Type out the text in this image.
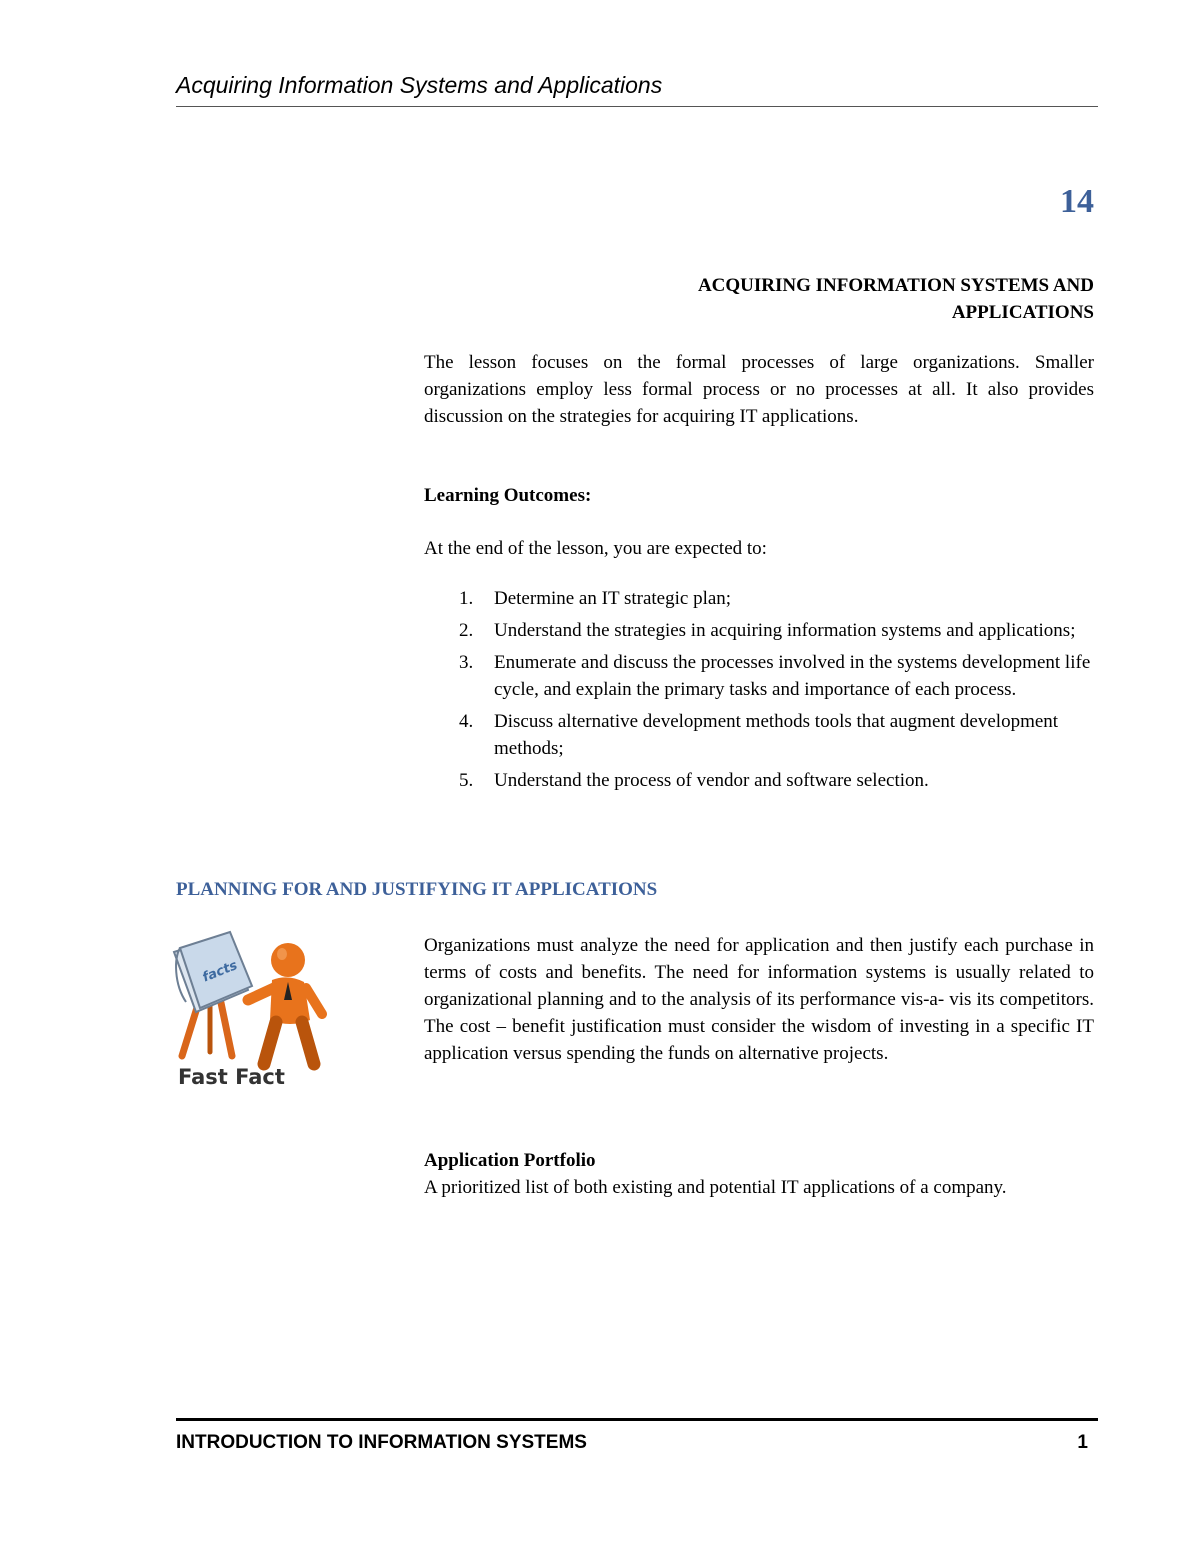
Acquiring Information Systems and Applications

14

ACQUIRING INFORMATION SYSTEMS AND
APPLICATIONS

The lesson focuses on the formal processes of large organizations. Smaller organizations employ less formal process or no processes at all. It also provides discussion on the strategies for acquiring IT applications.

Learning Outcomes:

At the end of the lesson, you are expected to:

1. Determine an IT strategic plan;
2. Understand the strategies in acquiring information systems and applications;
3. Enumerate and discuss the processes involved in the systems development life cycle, and explain the primary tasks and importance of each process.
4. Discuss alternative development methods tools that augment development methods;
5. Understand the process of vendor and software selection.
PLANNING FOR AND JUSTIFYING IT APPLICATIONS
facts
Fast Fact

Organizations must analyze the need for application and then justify each purchase in terms of costs and benefits. The need for information systems is usually related to organizational planning and to the analysis of its performance vis-a- vis its competitors. The cost – benefit justification must consider the wisdom of investing in a specific IT application versus spending the funds on alternative projects.

Application Portfolio

A prioritized list of both existing and potential IT applications of a company.

INTRODUCTION TO INFORMATION SYSTEMS	1
